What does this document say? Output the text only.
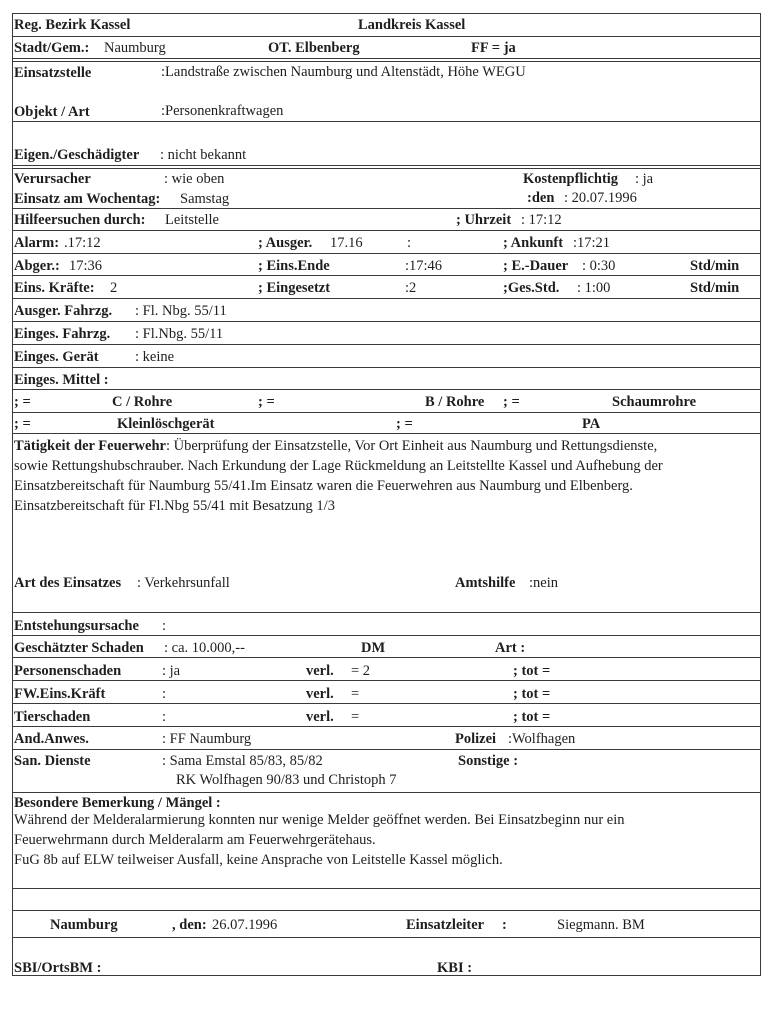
Reg. Bezirk Kassel	Landkreis Kassel
Stadt/Gem.: Naumburg	OT. Elbenberg	FF = ja
Einsatzstelle	:Landstraße zwischen Naumburg und Altenstädt, Höhe WEGU
Objekt / Art	:Personenkraftwagen
Eigen./Geschädigter : nicht bekannt
Verursacher	: wie oben	Kostenpflichtig : ja
Einsatz am Wochentag: Samstag	:den : 20.07.1996
Hilfeersuchen durch: Leitstelle	; Uhrzeit : 17:12
Alarm: .17:12	; Ausger. 17.16	:	; Ankunft :17:21
Abger.: 17:36	; Eins.Ende	:17:46	; E.-Dauer : 0:30	Std/min
Eins. Kräfte: 2	; Eingesetzt	:2	;Ges.Std. : 1:00	Std/min
Ausger. Fahrzg. : Fl. Nbg. 55/11
Einges. Fahrzg. : Fl.Nbg. 55/11
Einges. Gerät	: keine
Einges. Mittel :
; =	C / Rohre	; =	B / Rohre ; =	Schaumrohre
; =	Kleinlöschgerät	; =	PA
Tätigkeit der Feuerwehr: Überprüfung der Einsatzstelle, Vor Ort Einheit aus Naumburg und Rettungsdienste,
sowie Rettungshubschrauber. Nach Erkundung der Lage Rückmeldung an Leitstellte Kassel und Aufhebung der
Einsatzbereitschaft für Naumburg 55/41.Im Einsatz waren die Feuerwehren aus Naumburg und Elbenberg.
Einsatzbereitschaft für Fl.Nbg 55/41 mit Besatzung 1/3
Art des Einsatzes : Verkehrsunfall	Amtshilfe :nein
Entstehungsursache :
Geschätzter Schaden : ca. 10.000,--	DM	Art :
Personenschaden	: ja	verl. = 2	; tot =
FW.Eins.Kräft	:	verl. =	; tot =
Tierschaden	:	verl. =	; tot =
And.Anwes.	: FF Naumburg	Polizei :Wolfhagen
San. Dienste	: Sama Emstal 85/83, 85/82
RK Wolfhagen 90/83 und Christoph 7
Sonstige :
Besondere Bemerkung / Mängel :
Während der Melderalarmierung konnten nur wenige Melder geöffnet werden. Bei Einsatzbeginn nur ein
Feuerwehrmann durch Melderalarm am Feuerwehrgerätehaus.
FuG 8b auf ELW teilweiser Ausfall, keine Ansprache von Leitstelle Kassel möglich.
Naumburg	, den: 26.07.1996	Einsatzleiter :	Siegmann. BM
SBI/OrtsBM :	KBI :
